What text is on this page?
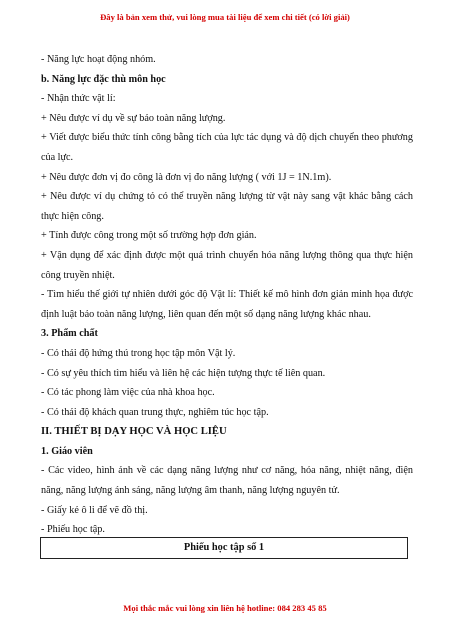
Đây là bản xem thử, vui lòng mua tài liệu để xem chi tiết (có lời giải)

- Năng lực hoạt động nhóm.

b. Năng lực đặc thù môn học

- Nhận thức vật lí:

+ Nêu được ví dụ về sự bảo toàn năng lượng.

+ Viết được biểu thức tính công bằng tích của lực tác dụng và độ dịch chuyển theo phương của lực.

+ Nêu được đơn vị đo công là đơn vị đo năng lượng ( với 1J = 1N.1m).

+ Nêu được ví dụ chứng tỏ có thể truyền năng lượng từ vật này sang vật khác bằng cách thực hiện công.

+ Tính được công trong một số trường hợp đơn giản.

+ Vận dụng để xác định được một quá trình chuyển hóa năng lượng thông qua thực hiện công truyền nhiệt.

- Tìm hiểu thế giới tự nhiên dưới góc độ Vật lí: Thiết kế mô hình đơn giản minh họa được định luật bảo toàn năng lượng, liên quan đến một số dạng năng lượng khác nhau.

3. Phẩm chất

- Có thái độ hứng thú trong học tập môn Vật lý.

- Có sự yêu thích tìm hiểu và liên hệ các hiện tượng thực tế liên quan.

- Có tác phong làm việc của nhà khoa học.

- Có thái độ khách quan trung thực, nghiêm túc học tập.

II. THIẾT BỊ DẠY HỌC VÀ HỌC LIỆU

1. Giáo viên

- Các video, hình ảnh về các dạng năng lượng như cơ năng, hóa năng, nhiệt năng, điện năng, năng lượng ánh sáng, năng lượng âm thanh, năng lượng nguyên tử.

- Giấy kẻ ô li để vẽ đồ thị.

- Phiếu học tập.

Phiếu học tập số 1
Mọi thắc mắc vui lòng xin liên hệ hotline: 084 283 45 85
